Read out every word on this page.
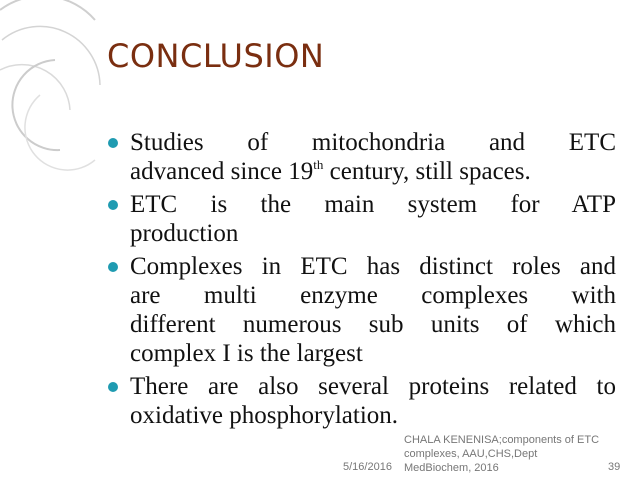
CONCLUSION
Studies of mitochondria and ETC
advanced since 19th century, still spaces.
ETC is the main system for ATP
production
Complexes in ETC has distinct roles and
are multi enzyme complexes with
different numerous sub units of which
complex I is the largest
There are also several proteins related to
oxidative phosphorylation.
CHALA KENENISA;components of ETC
complexes, AAU,CHS,Dept
MedBiochem, 2016
5/16/2016	39
